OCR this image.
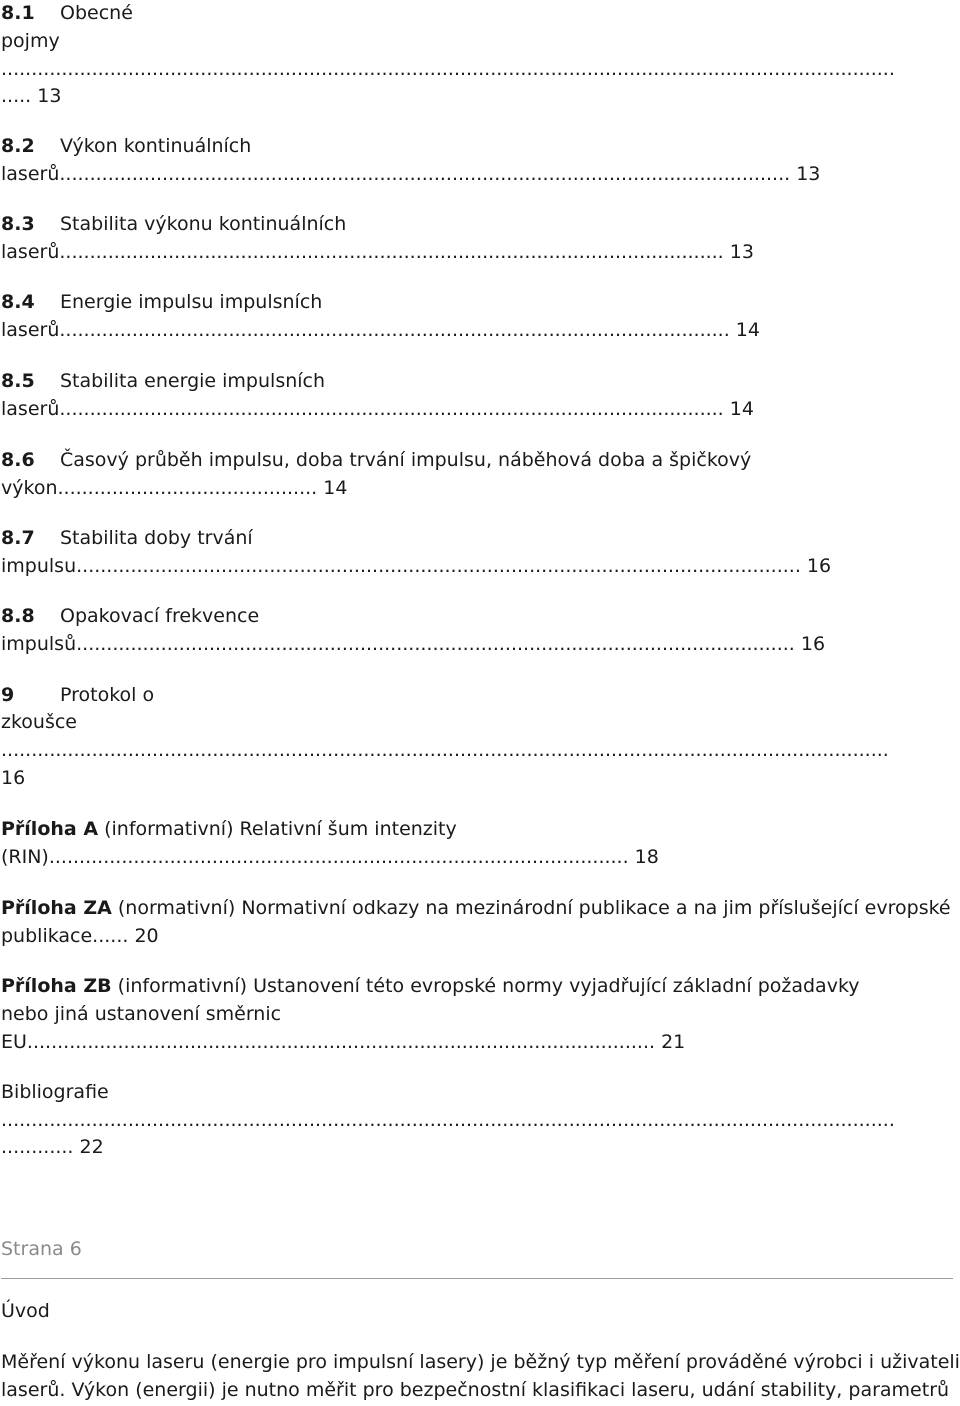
8.1 Obecné
pojmy
....................................................................................................................................................
..... 13
8.2 Výkon kontinuálních
laserů......................................................................................................................... 13
8.3 Stabilita výkonu kontinuálních
laserů.............................................................................................................. 13
8.4 Energie impulsu impulsních
laserů............................................................................................................... 14
8.5 Stabilita energie impulsních
laserů.............................................................................................................. 14
8.6 Časový průběh impulsu, doba trvání impulsu, náběhová doba a špičkový
výkon........................................... 14
8.7 Stabilita doby trvání
impulsu........................................................................................................................ 16
8.8 Opakovací frekvence
impulsů....................................................................................................................... 16
9 Protokol o
zkoušce
...................................................................................................................................................
16
Příloha A (informativní) Relativní šum intenzity
(RIN)................................................................................................ 18
Příloha ZA (normativní) Normativní odkazy na mezinárodní publikace a na jim příslušející evropské
publikace...... 20
Příloha ZB (informativní) Ustanovení této evropské normy vyjadřující základní požadavky
nebo jiná ustanovení směrnic
EU........................................................................................................ 21
Bibliografie
....................................................................................................................................................
............ 22
Strana 6
Úvod
Měření výkonu laseru (energie pro impulsní lasery) je běžný typ měření prováděné výrobci i uživateli
laserů. Výkon (energii) je nutno měřit pro bezpečnostní klasifikaci laseru, udání stability, parametrů
